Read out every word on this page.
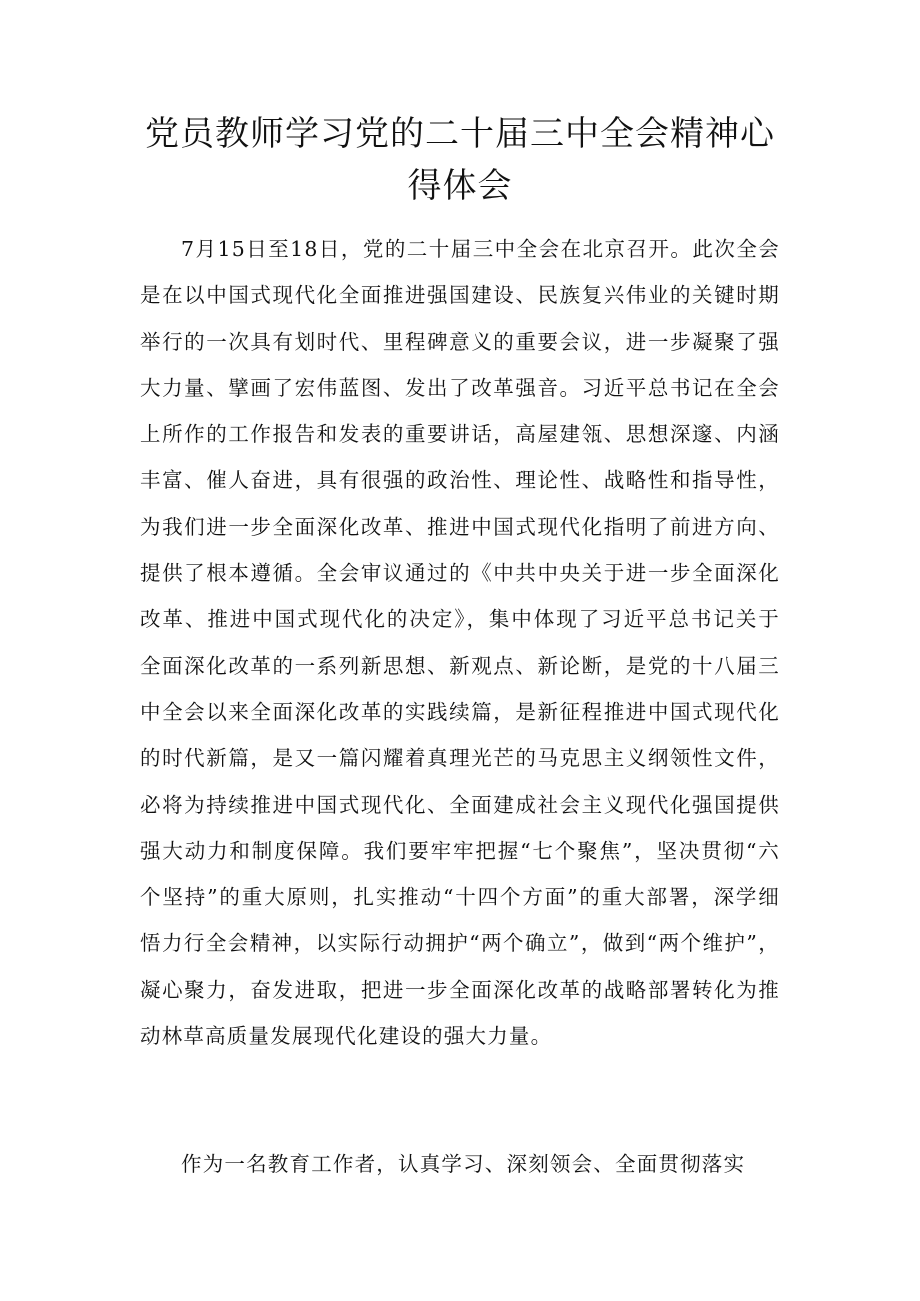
党员教师学习党的二十届三中全会精神心得体会

7月15日至18日，党的二十届三中全会在北京召开。此次全会是在以中国式现代化全面推进强国建设、民族复兴伟业的关键时期举行的一次具有划时代、里程碑意义的重要会议，进一步凝聚了强大力量、擘画了宏伟蓝图、发出了改革强音。习近平总书记在全会上所作的工作报告和发表的重要讲话，高屋建瓴、思想深邃、内涵丰富、催人奋进，具有很强的政治性、理论性、战略性和指导性，为我们进一步全面深化改革、推进中国式现代化指明了前进方向、提供了根本遵循。全会审议通过的《中共中央关于进一步全面深化改革、推进中国式现代化的决定》，集中体现了习近平总书记关于全面深化改革的一系列新思想、新观点、新论断，是党的十八届三中全会以来全面深化改革的实践续篇，是新征程推进中国式现代化的时代新篇，是又一篇闪耀着真理光芒的马克思主义纲领性文件，必将为持续推进中国式现代化、全面建成社会主义现代化强国提供强大动力和制度保障。我们要牢牢把握“七个聚焦”，坚决贯彻“六个坚持”的重大原则，扎实推动“十四个方面”的重大部署，深学细悟力行全会精神，以实际行动拥护“两个确立”，做到“两个维护”，凝心聚力，奋发进取，把进一步全面深化改革的战略部署转化为推动林草高质量发展现代化建设的强大力量。

作为一名教育工作者，认真学习、深刻领会、全面贯彻落实
